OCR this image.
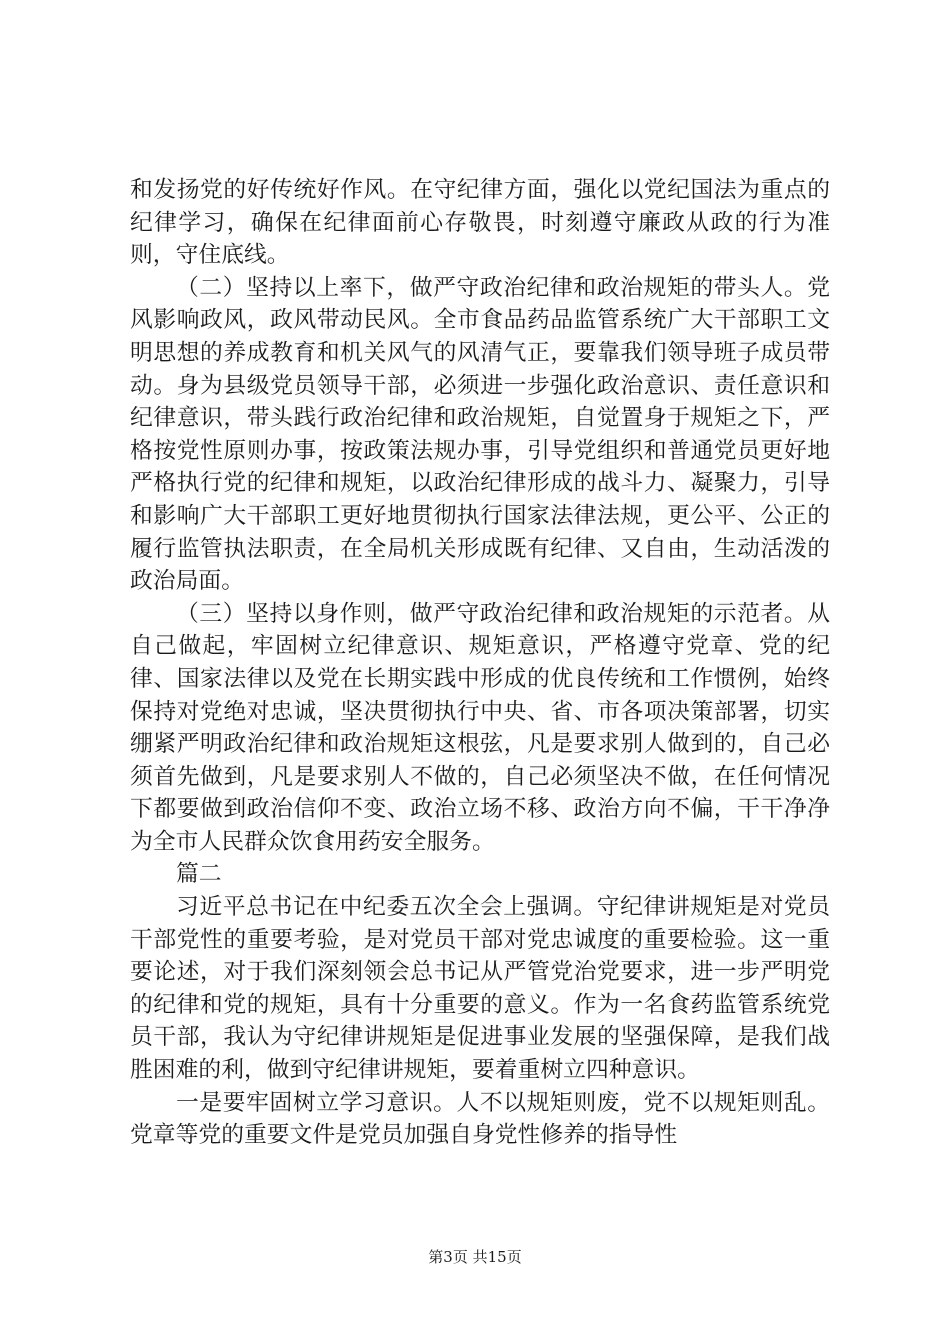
和发扬党的好传统好作风。在守纪律方面，强化以党纪国法为重点的纪律学习，确保在纪律面前心存敬畏，时刻遵守廉政从政的行为准则，守住底线。

（二）坚持以上率下，做严守政治纪律和政治规矩的带头人。党风影响政风，政风带动民风。全市食品药品监管系统广大干部职工文明思想的养成教育和机关风气的风清气正，要靠我们领导班子成员带动。身为县级党员领导干部，必须进一步强化政治意识、责任意识和纪律意识，带头践行政治纪律和政治规矩，自觉置身于规矩之下，严格按党性原则办事，按政策法规办事，引导党组织和普通党员更好地严格执行党的纪律和规矩，以政治纪律形成的战斗力、凝聚力，引导和影响广大干部职工更好地贯彻执行国家法律法规，更公平、公正的履行监管执法职责，在全局机关形成既有纪律、又自由，生动活泼的政治局面。

（三）坚持以身作则，做严守政治纪律和政治规矩的示范者。从自己做起，牢固树立纪律意识、规矩意识，严格遵守党章、党的纪律、国家法律以及党在长期实践中形成的优良传统和工作惯例，始终保持对党绝对忠诚，坚决贯彻执行中央、省、市各项决策部署，切实绷紧严明政治纪律和政治规矩这根弦，凡是要求别人做到的，自己必须首先做到，凡是要求别人不做的，自己必须坚决不做，在任何情况下都要做到政治信仰不变、政治立场不移、政治方向不偏，干干净净为全市人民群众饮食用药安全服务。

篇二

习近平总书记在中纪委五次全会上强调。守纪律讲规矩是对党员干部党性的重要考验，是对党员干部对党忠诚度的重要检验。这一重要论述，对于我们深刻领会总书记从严管党治党要求，进一步严明党的纪律和党的规矩，具有十分重要的意义。作为一名食药监管系统党员干部，我认为守纪律讲规矩是促进事业发展的坚强保障，是我们战胜困难的利，做到守纪律讲规矩，要着重树立四种意识。

一是要牢固树立学习意识。人不以规矩则废，党不以规矩则乱。党章等党的重要文件是党员加强自身党性修养的指导性

第3页 共15页
